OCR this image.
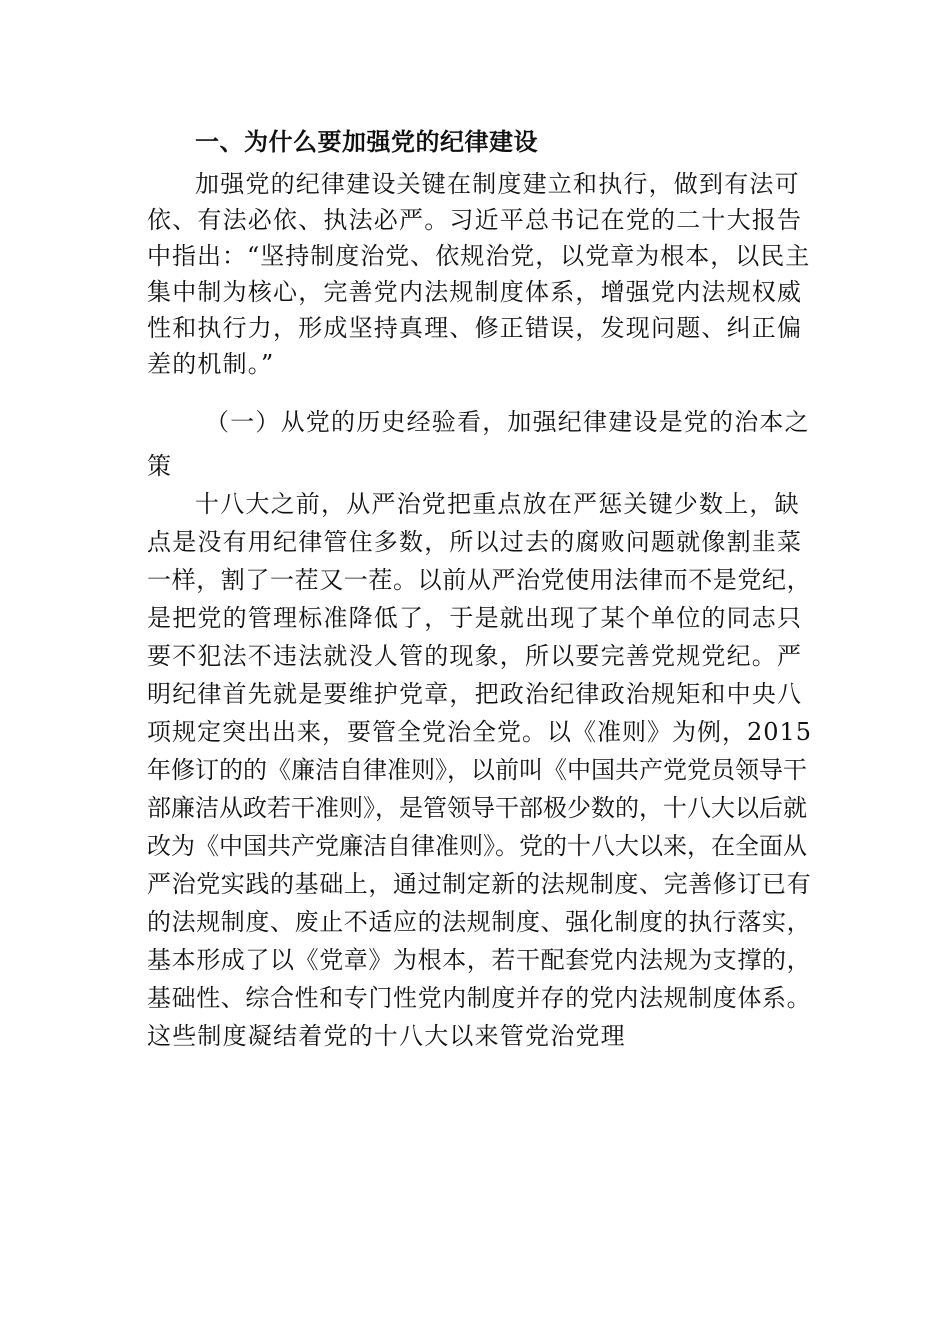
一、为什么要加强党的纪律建设
加强党的纪律建设关键在制度建立和执行，做到有法可
依、有法必依、执法必严。习近平总书记在党的二十大报告
中指出：“坚持制度治党、依规治党，以党章为根本，以民主
集中制为核心，完善党内法规制度体系，增强党内法规权威
性和执行力，形成坚持真理、修正错误，发现问题、纠正偏
差的机制。”
（一）从党的历史经验看，加强纪律建设是党的治本之
策
十八大之前，从严治党把重点放在严惩关键少数上，缺
点是没有用纪律管住多数，所以过去的腐败问题就像割韭菜
一样，割了一茬又一茬。以前从严治党使用法律而不是党纪，
是把党的管理标准降低了，于是就出现了某个单位的同志只
要不犯法不违法就没人管的现象，所以要完善党规党纪。严
明纪律首先就是要维护党章，把政治纪律政治规矩和中央八
项规定突出出来，要管全党治全党。以《准则》为例，2015
年修订的的《廉洁自律准则》，以前叫《中国共产党党员领导干
部廉洁从政若干准则》，是管领导干部极少数的，十八大以后就
改为《中国共产党廉洁自律准则》。党的十八大以来，在全面从
严治党实践的基础上，通过制定新的法规制度、完善修订已有
的法规制度、废止不适应的法规制度、强化制度的执行落实，
基本形成了以《党章》为根本，若干配套党内法规为支撑的，
基础性、综合性和专门性党内制度并存的党内法规制度体系。
这些制度凝结着党的十八大以来管党治党理
